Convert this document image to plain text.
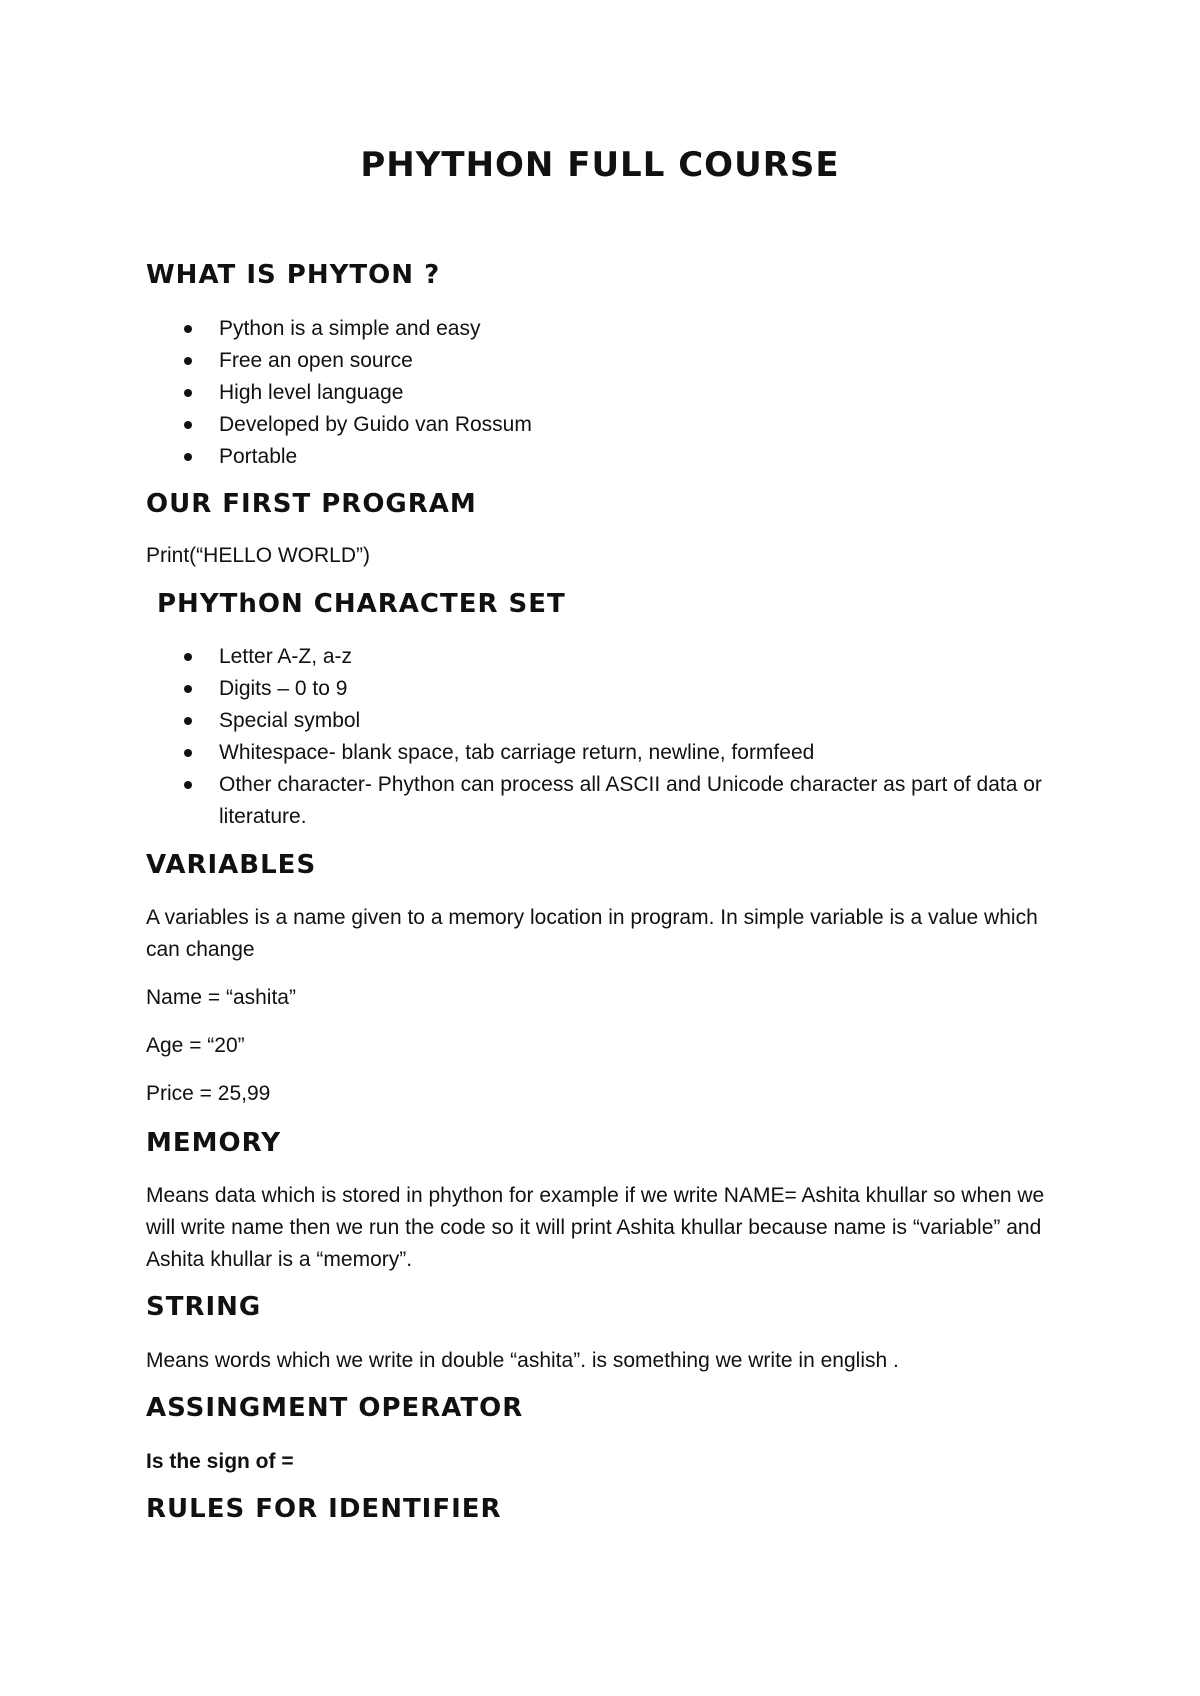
PHYTHON FULL COURSE
WHAT IS PHYTON ?
Python is a simple and easy
Free an open source
High level language
Developed by Guido van Rossum
Portable
OUR FIRST PROGRAM
Print(“HELLO WORLD”)
PHYThON CHARACTER SET
Letter A-Z, a-z
Digits – 0 to 9
Special symbol
Whitespace- blank space, tab carriage return, newline, formfeed
Other character- Phython can process all ASCII and Unicode character as part of data or literature.
VARIABLES
A variables is a name given to a memory location in program. In simple variable is a value which can change
Name = “ashita”
Age = “20”
Price = 25,99
MEMORY
Means data which is stored in phython for example if we write NAME= Ashita khullar so when we will write name then we run the code so it will print Ashita khullar because name is “variable” and Ashita khullar is a “memory”.
STRING
Means words which we write in double “ashita”. is something we write in english .
ASSINGMENT OPERATOR
Is the sign of =
RULES FOR IDENTIFIER
